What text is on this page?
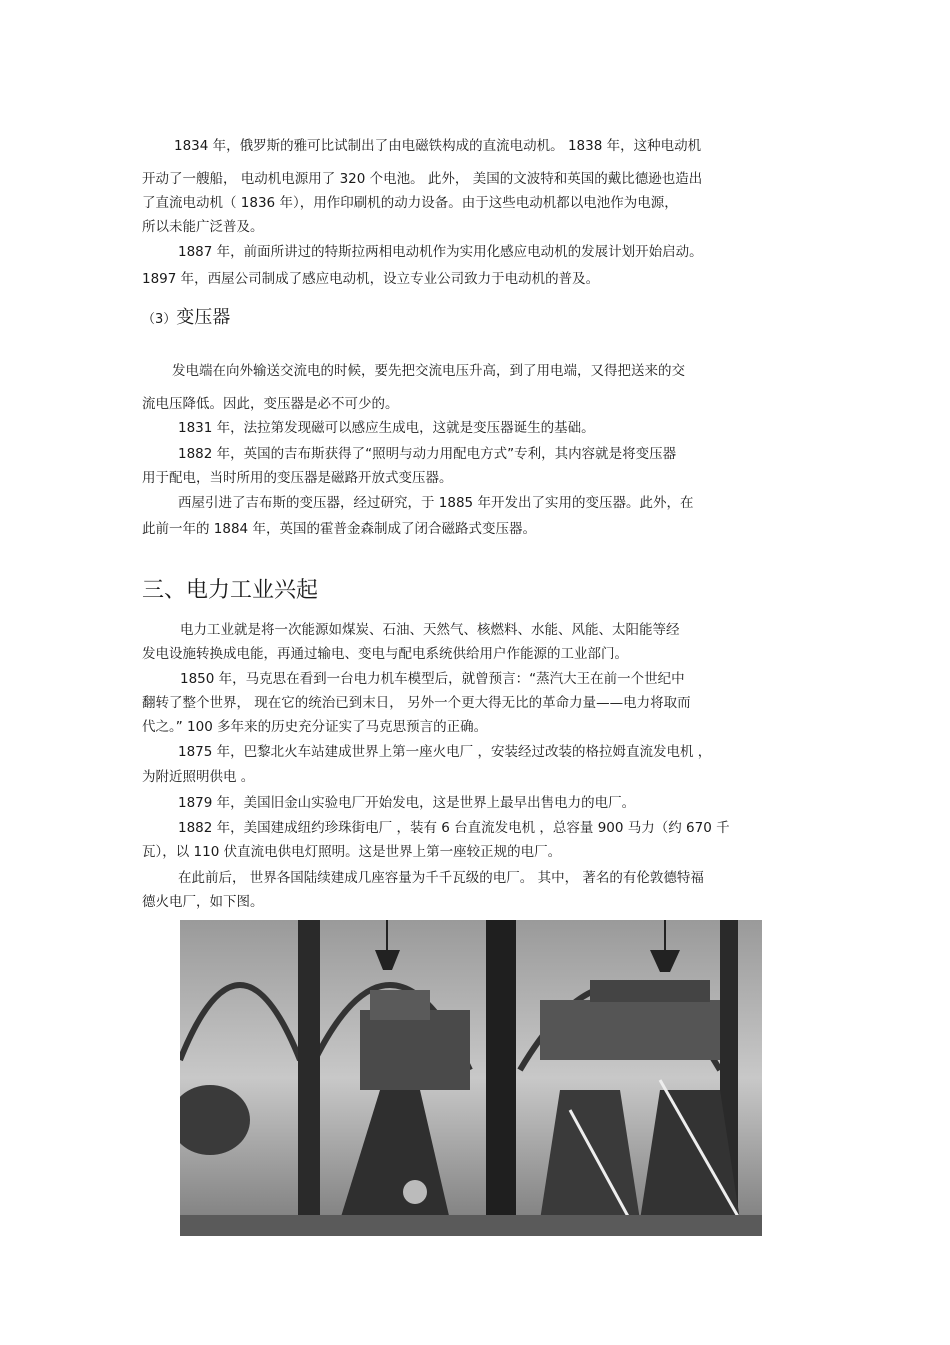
1834 年，俄罗斯的雅可比试制出了由电磁铁构成的直流电动机。 1838 年，这种电动机
开动了一艘船， 电动机电源用了 320 个电池。 此外， 美国的文波特和英国的戴比德逊也造出
了直流电动机（ 1836 年），用作印刷机的动力设备。由于这些电动机都以电池作为电源，
所以未能广泛普及。
1887 年，前面所讲过的特斯拉两相电动机作为实用化感应电动机的发展计划开始启动。
1897 年，西屋公司制成了感应电动机，设立专业公司致力于电动机的普及。
（3）变压器
发电端在向外输送交流电的时候，要先把交流电压升高，到了用电端，又得把送来的交
流电压降低。因此，变压器是必不可少的。
1831 年，法拉第发现磁可以感应生成电，这就是变压器诞生的基础。
1882 年，英国的吉布斯获得了“照明与动力用配电方式”专利，其内容就是将变压器
用于配电，当时所用的变压器是磁路开放式变压器。
西屋引进了吉布斯的变压器，经过研究，于 1885 年开发出了实用的变压器。此外，在
此前一年的 1884 年，英国的霍普金森制成了闭合磁路式变压器。
三、电力工业兴起
电力工业就是将一次能源如煤炭、石油、天然气、核燃料、水能、风能、太阳能等经
发电设施转换成电能，再通过输电、变电与配电系统供给用户作能源的工业部门。
1850 年，马克思在看到一台电力机车模型后，就曾预言：“蒸汽大王在前一个世纪中
翻转了整个世界， 现在它的统治已到末日， 另外一个更大得无比的革命力量——电力将取而
代之。” 100 多年来的历史充分证实了马克思预言的正确。
1875 年，巴黎北火车站建成世界上第一座火电厂 ，安装经过改装的格拉姆直流发电机 ，
为附近照明供电 。
1879 年，美国旧金山实验电厂开始发电，这是世界上最早出售电力的电厂。
1882 年，美国建成纽约珍珠街电厂 ，装有 6 台直流发电机 ，总容量 900 马力（约 670 千
瓦），以 110 伏直流电供电灯照明。这是世界上第一座较正规的电厂。
在此前后， 世界各国陆续建成几座容量为千千瓦级的电厂。 其中， 著名的有伦敦德特福
德火电厂，如下图。
